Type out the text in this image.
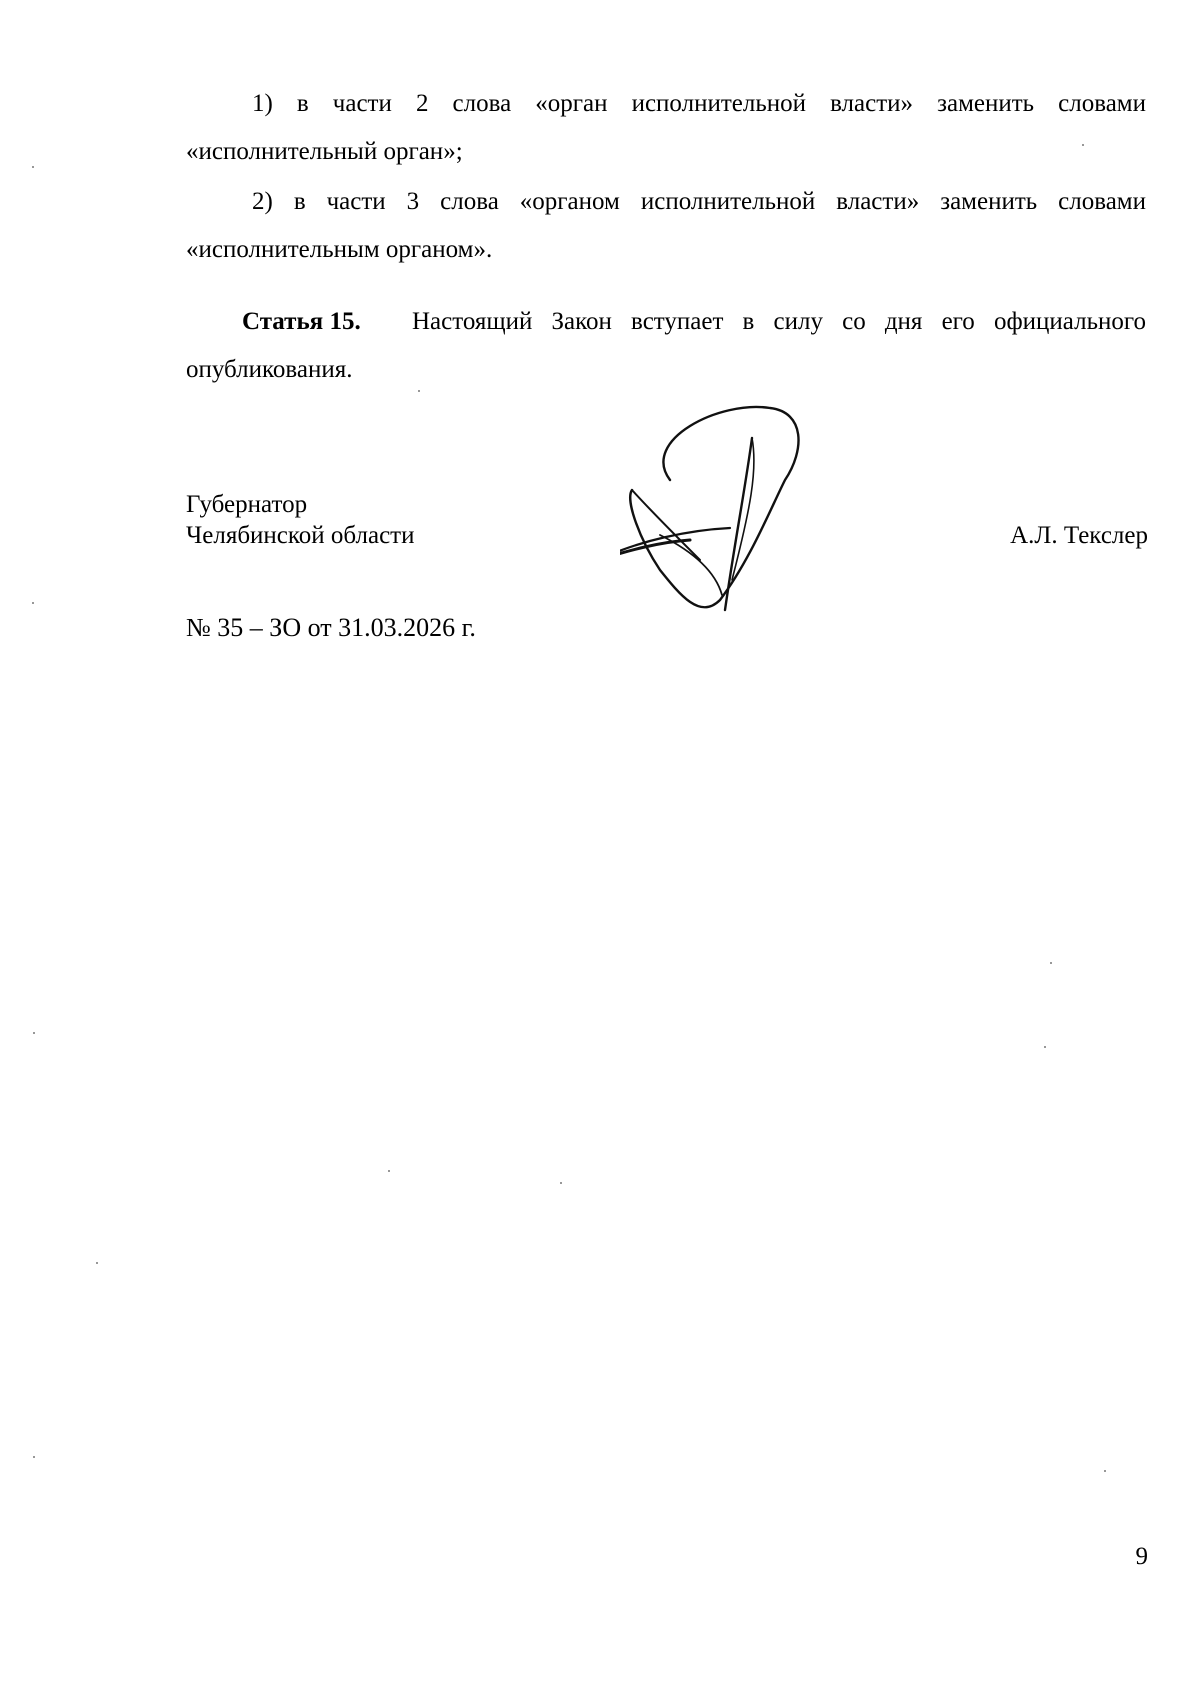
1) в части 2 слова «орган исполнительной власти» заменить словами «исполнительный орган»;

2) в части 3 слова «органом исполнительной власти» заменить словами «исполнительным органом».

Статья 15. Настоящий Закон вступает в силу со дня его официального опубликования.

Губернатор
Челябинской области	А.Л. Текслер
№ 35 – ЗО от 31.03.2026 г.
9
